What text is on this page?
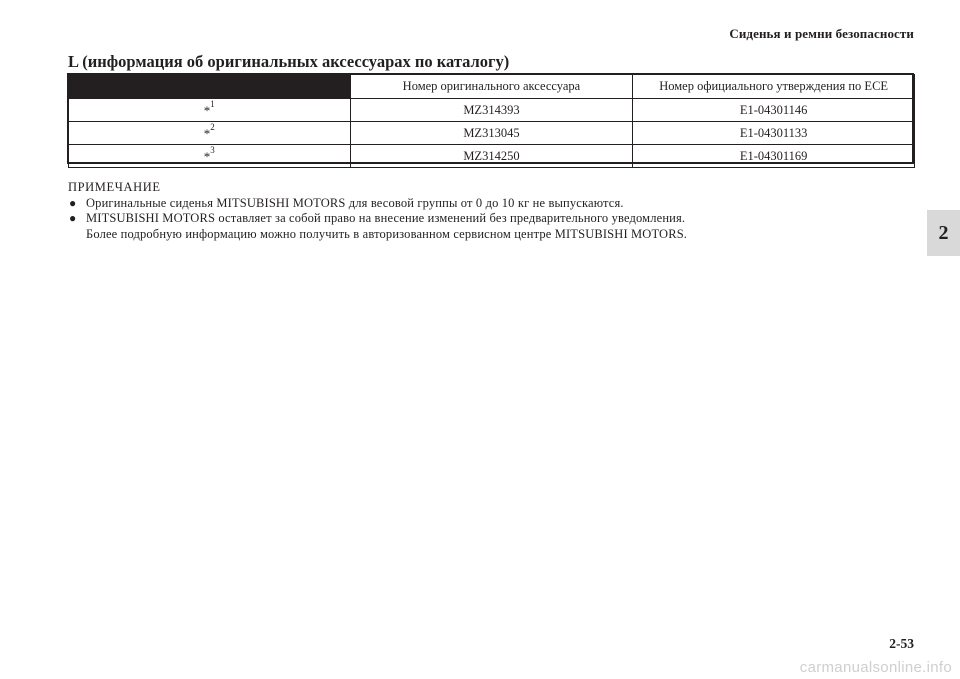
Сиденья и ремни безопасности
L (информация об оригинальных аксессуарах по каталогу)
	Номер оригинального аксессуара	Номер официального утверждения по ECE
*$^1$	MZ314393	E1-04301146
*$^2$	MZ313045	E1-04301133
*$^3$	MZ314250	E1-04301169
ПРИМЕЧАНИЕ
● Оригинальные сиденья MITSUBISHI MOTORS для весовой группы от 0 до 10 кг не выпускаются.
● MITSUBISHI MOTORS оставляет за собой право на внесение изменений без предварительного уведомления.
Более подробную информацию можно получить в авторизованном сервисном центре MITSUBISHI MOTORS.	2
2-53
carmanualsonline.info
